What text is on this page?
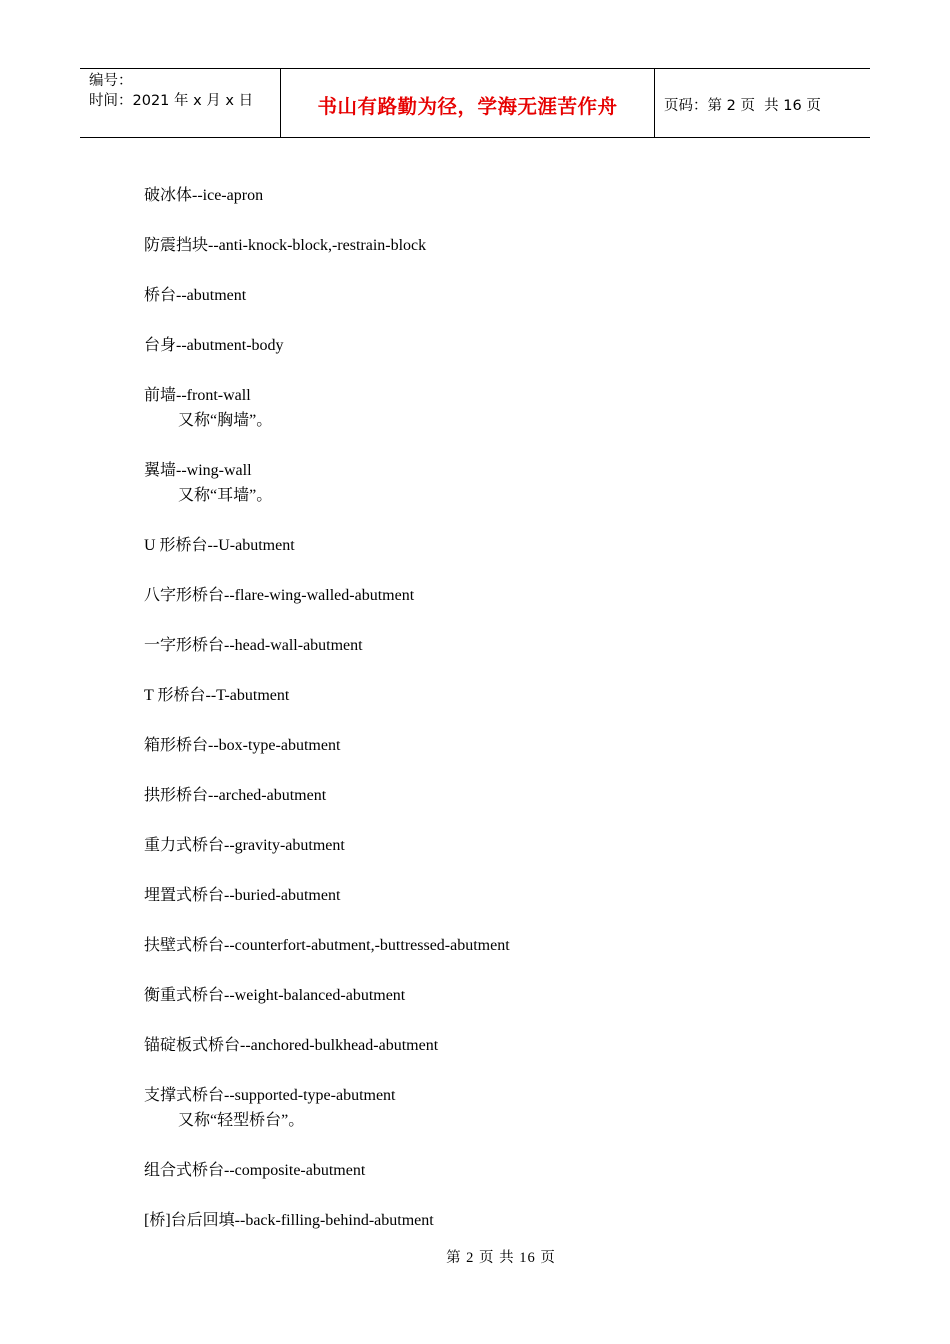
编号：
时间：2021 年 x 月 x 日	书山有路勤为径，学海无涯苦作舟	页码：第 2 页  共 16 页
破冰体--ice-apron
防震挡块--anti-knock-block,-restrain-block
桥台--abutment
台身--abutment-body
前墙--front-wall
又称“胸墙”。
翼墙--wing-wall
又称“耳墙”。
U 形桥台--U-abutment
八字形桥台--flare-wing-walled-abutment
一字形桥台--head-wall-abutment
T 形桥台--T-abutment
箱形桥台--box-type-abutment
拱形桥台--arched-abutment
重力式桥台--gravity-abutment
埋置式桥台--buried-abutment
扶壁式桥台--counterfort-abutment,-buttressed-abutment
衡重式桥台--weight-balanced-abutment
锚碇板式桥台--anchored-bulkhead-abutment
支撑式桥台--supported-type-abutment
又称“轻型桥台”。
组合式桥台--composite-abutment
[桥]台后回填--back-filling-behind-abutment
第 2 页 共 16 页
